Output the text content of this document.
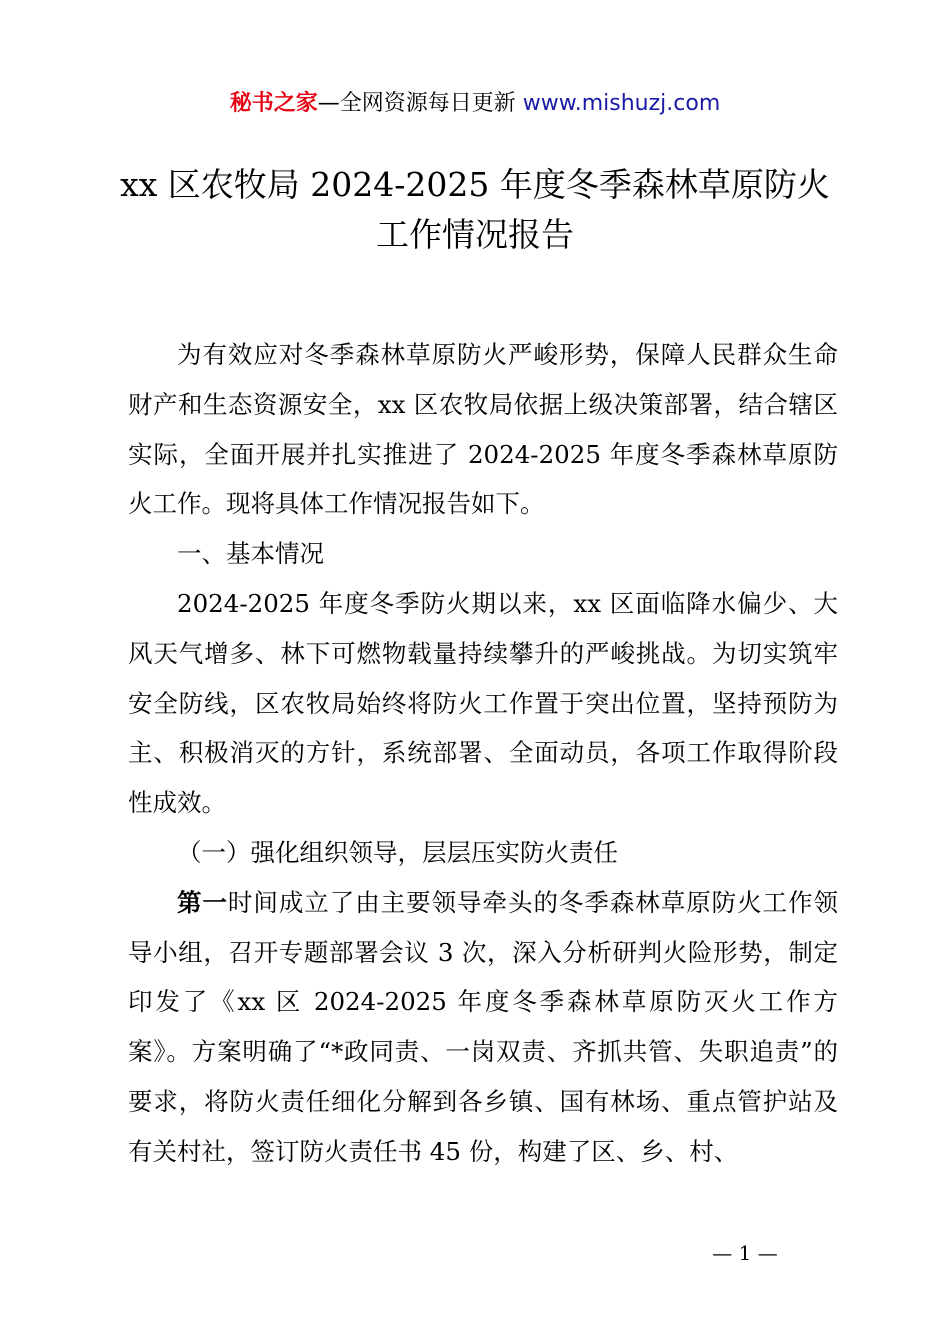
秘书之家—全网资源每日更新 www.mishuzj.com
xx 区农牧局 2024-2025 年度冬季森林草原防火
工作情况报告

为有效应对冬季森林草原防火严峻形势，保障人民群众生命财产和生态资源安全，xx 区农牧局依据上级决策部署，结合辖区实际，全面开展并扎实推进了 2024-2025 年度冬季森林草原防火工作。现将具体工作情况报告如下。

一、基本情况

2024-2025 年度冬季防火期以来，xx 区面临降水偏少、大风天气增多、林下可燃物载量持续攀升的严峻挑战。为切实筑牢安全防线，区农牧局始终将防火工作置于突出位置，坚持预防为主、积极消灭的方针，系统部署、全面动员，各项工作取得阶段性成效。

（一）强化组织领导，层层压实防火责任

第一时间成立了由主要领导牵头的冬季森林草原防火工作领导小组，召开专题部署会议 3 次，深入分析研判火险形势，制定印发了《xx 区 2024-2025 年度冬季森林草原防灭火工作方案》。方案明确了“*政同责、一岗双责、齐抓共管、失职追责”的要求，将防火责任细化分解到各乡镇、国有林场、重点管护站及有关村社，签订防火责任书 45 份，构建了区、乡、村、

— 1 —
